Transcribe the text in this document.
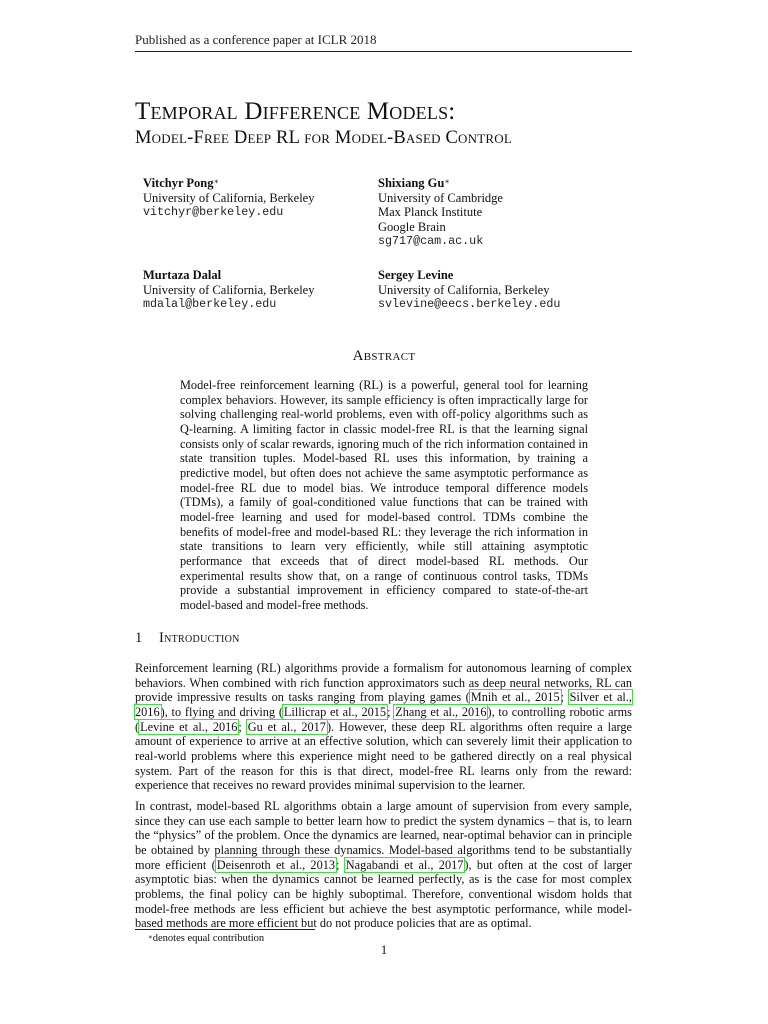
Published as a conference paper at ICLR 2018
Temporal Difference Models:
Model-Free Deep RL for Model-Based Control
Vitchyr Pong∗
University of California, Berkeley
vitchyr@berkeley.edu
Shixiang Gu∗
University of Cambridge
Max Planck Institute
Google Brain
sg717@cam.ac.uk
Murtaza Dalal
University of California, Berkeley
mdalal@berkeley.edu
Sergey Levine
University of California, Berkeley
svlevine@eecs.berkeley.edu
Abstract
Model-free reinforcement learning (RL) is a powerful, general tool for learning complex behaviors. However, its sample efficiency is often impractically large for solving challenging real-world problems, even with off-policy algorithms such as Q-learning. A limiting factor in classic model-free RL is that the learning signal consists only of scalar rewards, ignoring much of the rich information contained in state transition tuples. Model-based RL uses this information, by training a predictive model, but often does not achieve the same asymptotic performance as model-free RL due to model bias. We introduce temporal difference models (TDMs), a family of goal-conditioned value functions that can be trained with model-free learning and used for model-based control. TDMs combine the benefits of model-free and model-based RL: they leverage the rich information in state transitions to learn very efficiently, while still attaining asymptotic performance that exceeds that of direct model-based RL methods. Our experimental results show that, on a range of continuous control tasks, TDMs provide a substantial improvement in efficiency compared to state-of-the-art model-based and model-free methods.
1 Introduction
Reinforcement learning (RL) algorithms provide a formalism for autonomous learning of complex behaviors. When combined with rich function approximators such as deep neural networks, RL can provide impressive results on tasks ranging from playing games (Mnih et al., 2015; Silver et al., 2016), to flying and driving (Lillicrap et al., 2015; Zhang et al., 2016), to controlling robotic arms (Levine et al., 2016; Gu et al., 2017). However, these deep RL algorithms often require a large amount of experience to arrive at an effective solution, which can severely limit their application to real-world problems where this experience might need to be gathered directly on a real physical system. Part of the reason for this is that direct, model-free RL learns only from the reward: experience that receives no reward provides minimal supervision to the learner.
In contrast, model-based RL algorithms obtain a large amount of supervision from every sample, since they can use each sample to better learn how to predict the system dynamics – that is, to learn the “physics” of the problem. Once the dynamics are learned, near-optimal behavior can in principle be obtained by planning through these dynamics. Model-based algorithms tend to be substantially more efficient (Deisenroth et al., 2013; Nagabandi et al., 2017), but often at the cost of larger asymptotic bias: when the dynamics cannot be learned perfectly, as is the case for most complex problems, the final policy can be highly suboptimal. Therefore, conventional wisdom holds that model-free methods are less efficient but achieve the best asymptotic performance, while model-based methods are more efficient but do not produce policies that are as optimal.
∗denotes equal contribution
1
